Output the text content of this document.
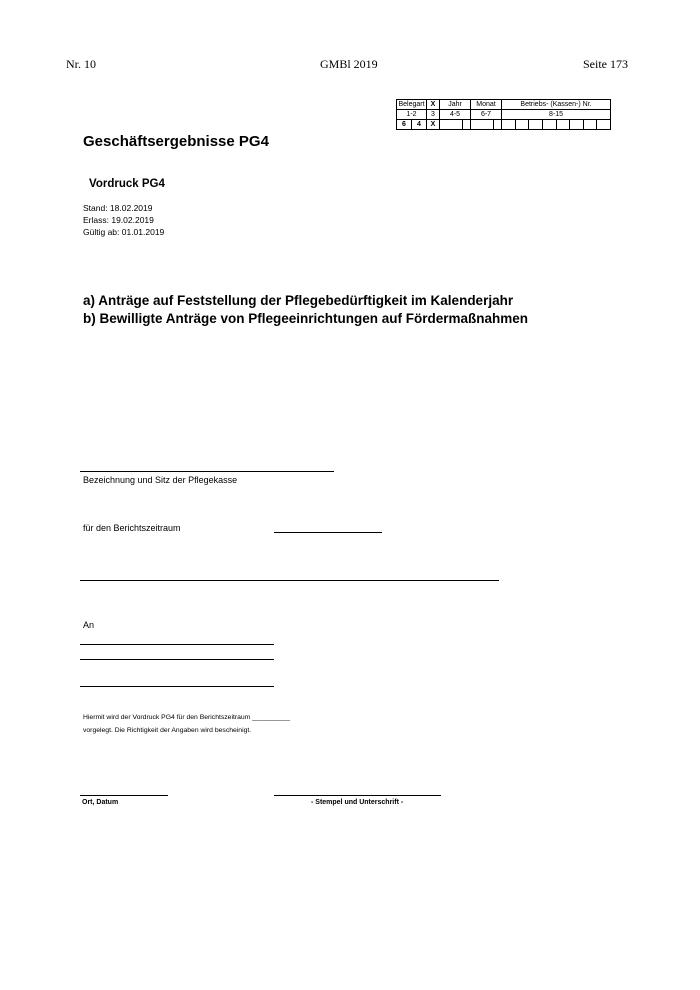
Nr. 10	GMBl 2019	Seite 173
Belegart	X	Jahr	Monat	Betriebs- (Kassen-) Nr.							
1-2	3	4-5	6-7	8-15							
6 4	X										
Geschäftsergebnisse PG4
Vordruck PG4
Stand: 18.02.2019
Erlass: 19.02.2019
Gültig ab: 01.01.2019
a) Anträge auf Feststellung der Pflegebedürftigkeit im Kalenderjahr
b) Bewilligte Anträge von Pflegeeinrichtungen auf Fördermaßnahmen
Bezeichnung und Sitz der Pflegekasse
für den Berichtszeitraum
An
Hiermit wird der Vordruck PG4 für den Berichtszeitraum __________
vorgelegt. Die Richtigkeit der Angaben wird bescheinigt.
Ort, Datum	- Stempel und Unterschrift -
